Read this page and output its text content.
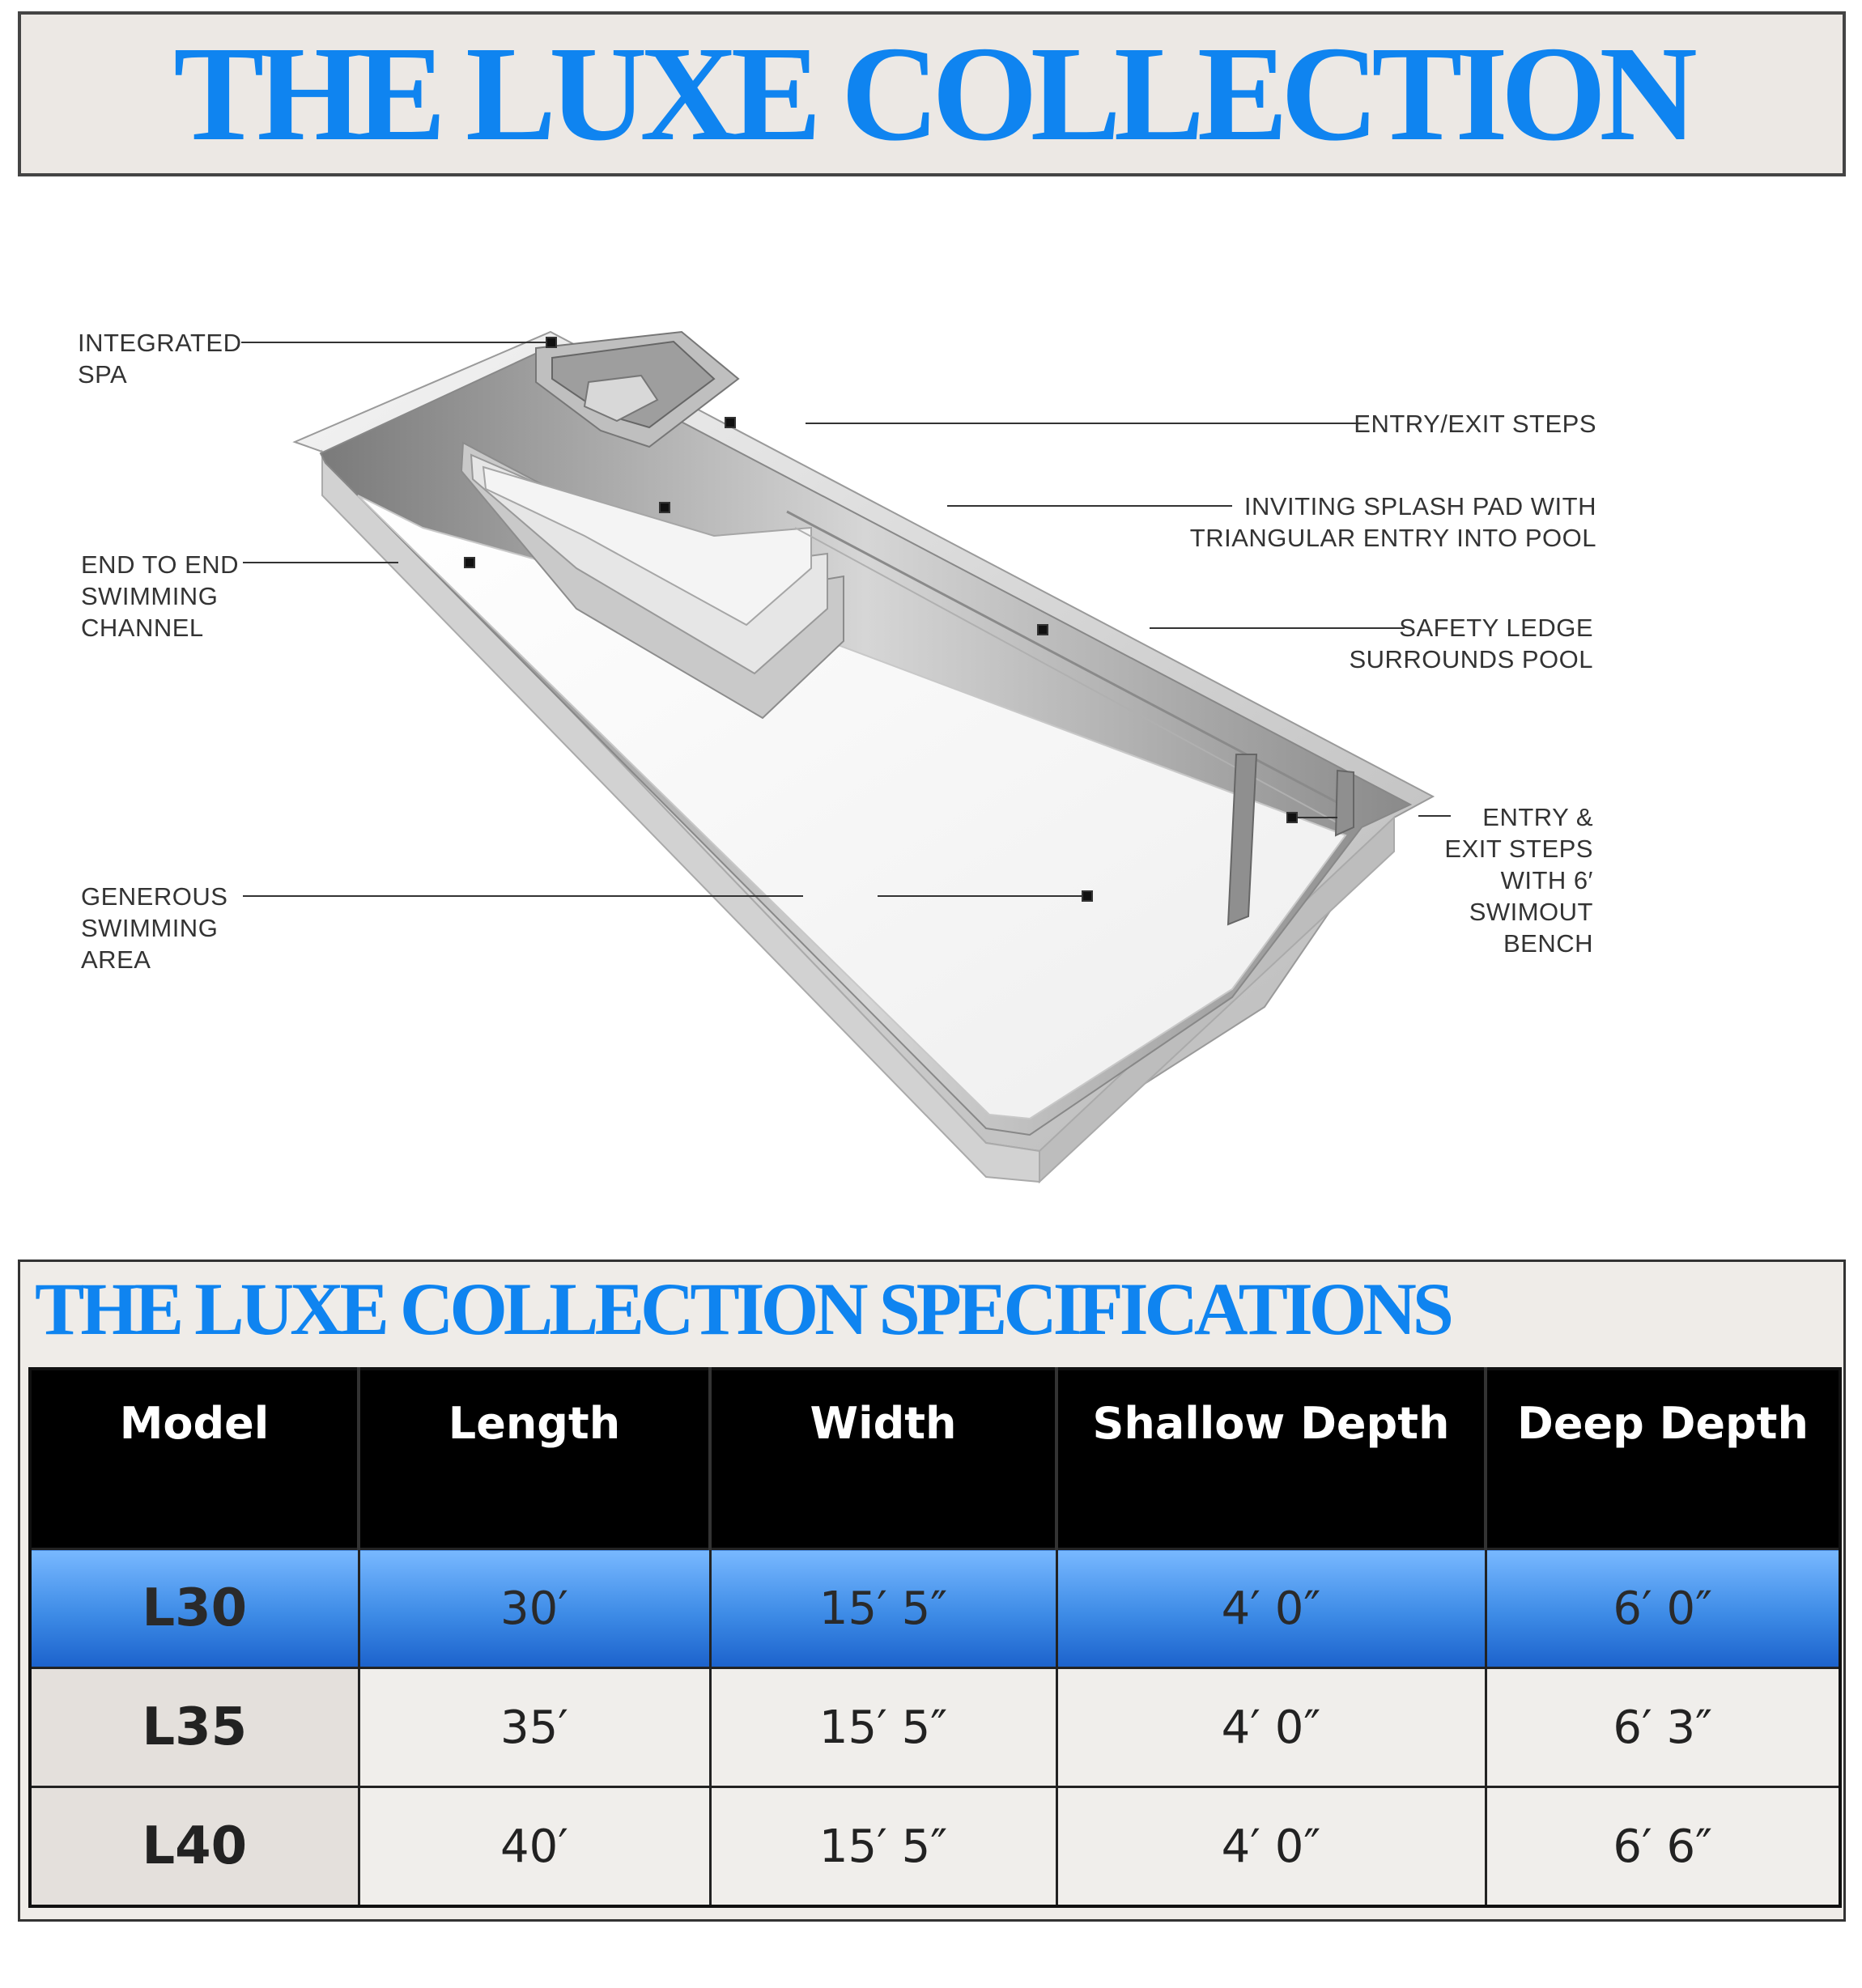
THE LUXE COLLECTION
INTEGRATED
SPA
ENTRY/EXIT STEPS
INVITING SPLASH PAD WITH
TRIANGULAR ENTRY INTO POOL
END TO END
SWIMMING
CHANNEL	SAFETY LEDGE
SURROUNDS POOL
ENTRY &
EXIT STEPS
WITH 6′
SWIMOUT
BENCH
GENEROUS
SWIMMING
AREA
THE LUXE COLLECTION SPECIFICATIONS
Model	Length	Width	Shallow Depth	Deep Depth
L30	30′	15′ 5″	4′ 0″	6′ 0″
L35	35′	15′ 5″	4′ 0″	6′ 3″
L40	40′	15′ 5″	4′ 0″	6′ 6″
